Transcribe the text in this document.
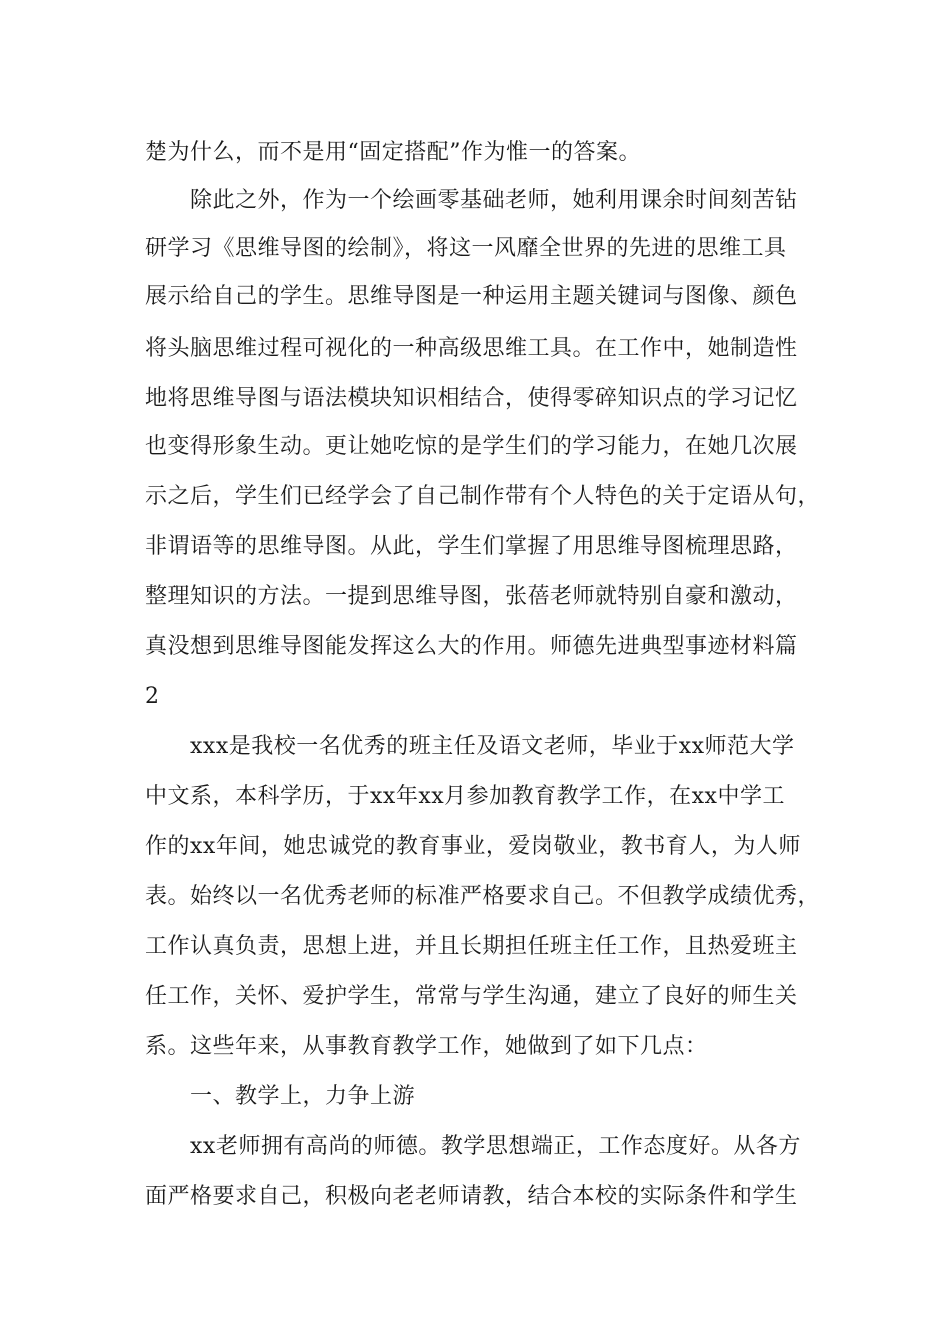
楚为什么，而不是用“固定搭配”作为惟一的答案。
除此之外，作为一个绘画零基础老师，她利用课余时间刻苦钻
研学习《思维导图的绘制》，将这一风靡全世界的先进的思维工具
展示给自己的学生。思维导图是一种运用主题关键词与图像、颜色
将头脑思维过程可视化的一种高级思维工具。在工作中，她制造性
地将思维导图与语法模块知识相结合，使得零碎知识点的学习记忆
也变得形象生动。更让她吃惊的是学生们的学习能力，在她几次展
示之后，学生们已经学会了自己制作带有个人特色的关于定语从句，
非谓语等的思维导图。从此，学生们掌握了用思维导图梳理思路，
整理知识的方法。一提到思维导图，张蓓老师就特别自豪和激动，
真没想到思维导图能发挥这么大的作用。师德先进典型事迹材料篇
2
xxx是我校一名优秀的班主任及语文老师，毕业于xx师范大学
中文系，本科学历，于xx年xx月参加教育教学工作，在xx中学工
作的xx年间，她忠诚党的教育事业，爱岗敬业，教书育人，为人师
表。始终以一名优秀老师的标准严格要求自己。不但教学成绩优秀，
工作认真负责，思想上进，并且长期担任班主任工作，且热爱班主
任工作，关怀、爱护学生，常常与学生沟通，建立了良好的师生关
系。这些年来，从事教育教学工作，她做到了如下几点：
一、教学上，力争上游
xx老师拥有高尚的师德。教学思想端正，工作态度好。从各方
面严格要求自己，积极向老老师请教，结合本校的实际条件和学生
